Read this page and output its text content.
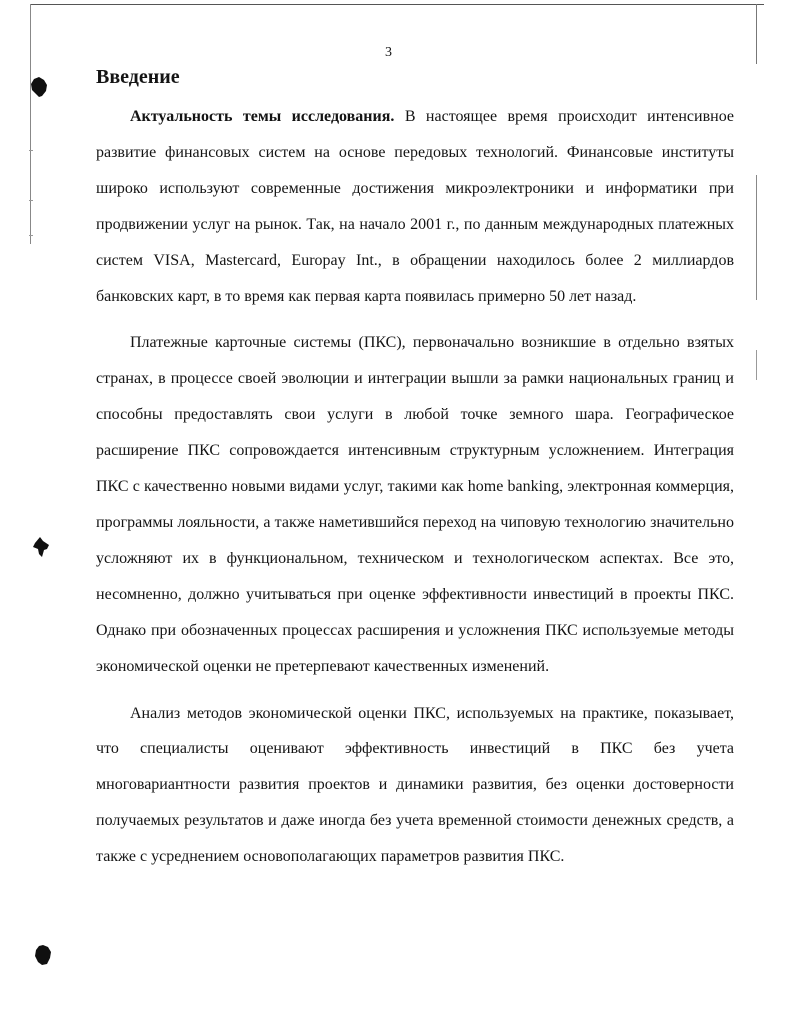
3
Введение

Актуальность темы исследования. В настоящее время происходит интенсивное развитие финансовых систем на основе передовых технологий. Финансовые институты широко используют современные достижения микроэлектроники и информатики при продвижении услуг на рынок. Так, на начало 2001 г., по данным международных платежных систем VISA, Mastercard, Europay Int., в обращении находилось более 2 миллиардов банковских карт, в то время как первая карта появилась примерно 50 лет назад.

Платежные карточные системы (ПКС), первоначально возникшие в отдельно взятых странах, в процессе своей эволюции и интеграции вышли за рамки национальных границ и способны предоставлять свои услуги в любой точке земного шара. Географическое расширение ПКС сопровождается интенсивным структурным усложнением. Интеграция ПКС с качественно новыми видами услуг, такими как home banking, электронная коммерция, программы лояльности, а также наметившийся переход на чиповую технологию значительно усложняют их в функциональном, техническом и технологическом аспектах. Все это, несомненно, должно учитываться при оценке эффективности инвестиций в проекты ПКС. Однако при обозначенных процессах расширения и усложнения ПКС используемые методы экономической оценки не претерпевают качественных изменений.

Анализ методов экономической оценки ПКС, используемых на практике, показывает, что специалисты оценивают эффективность инвестиций в ПКС без учета многовариантности развития проектов и динамики развития, без оценки достоверности получаемых результатов и даже иногда без учета временной стоимости денежных средств, а также с усреднением основополагающих параметров развития ПКС.
